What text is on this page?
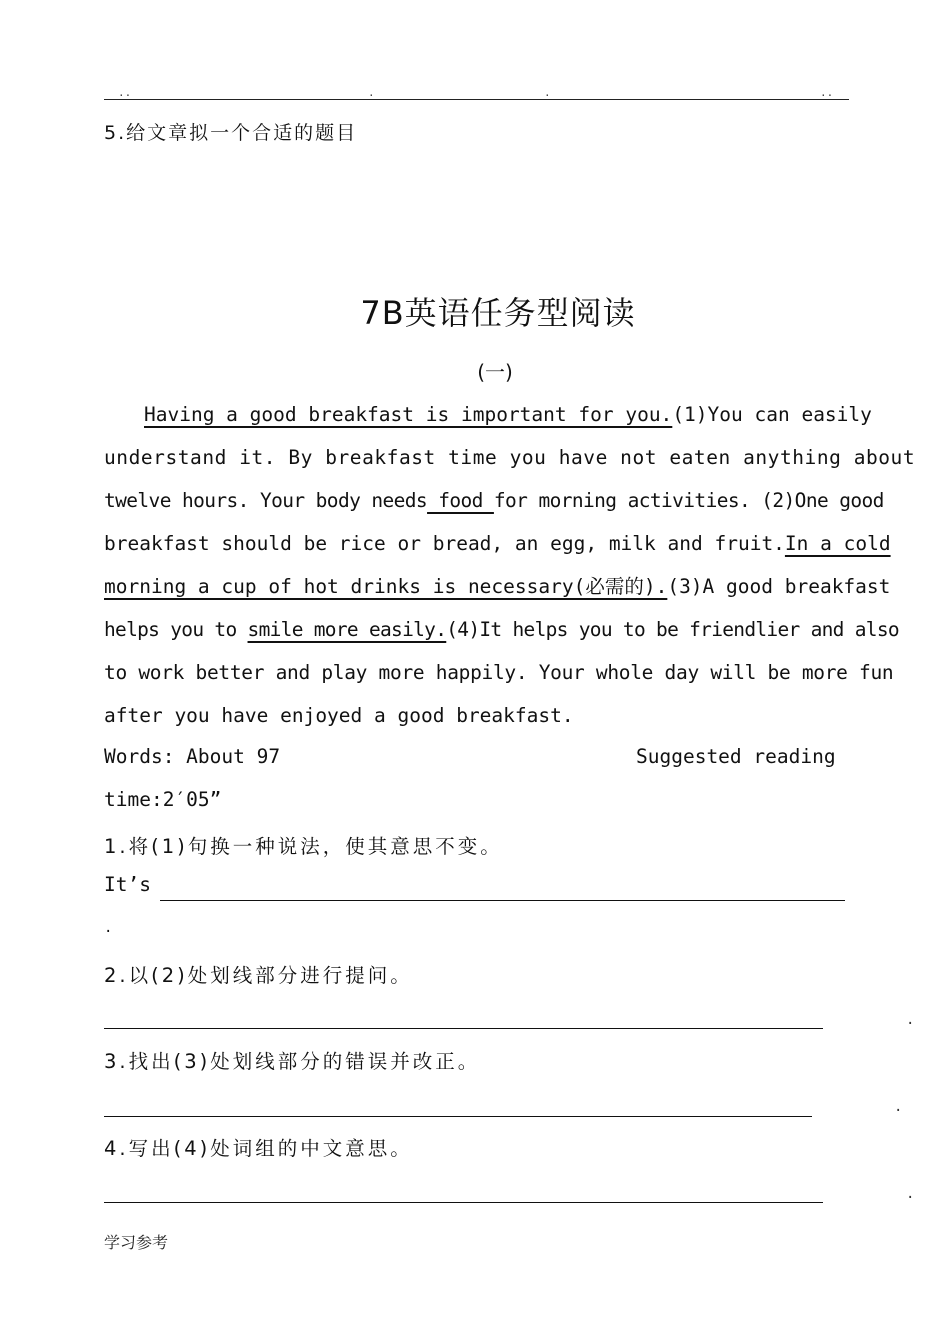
..	.	.	..
5.给文章拟一个合适的题目
7B英语任务型阅读
(一)
Having a good breakfast is important for you. (1)You can easily
understand it. By breakfast time you have not eaten anything about
twelve hours. Your body needs food for morning activities. (2)One good
breakfast should be rice or bread, an egg, milk and fruit. In a cold
morning a cup of hot drinks is necessary(必需的). (3)A good breakfast
helps you to smile more easily.(4)It helps you to be friendlier and also
to work better and play more happily. Your whole day will be more fun
after you have enjoyed a good breakfast.
Words: About 97	Suggested reading
time:2′05”
1.将(1)句换一种说法，使其意思不变。
It’s
.
2.以(2)处划线部分进行提问。
.
3.找出(3)处划线部分的错误并改正。
.
4.写出(4)处词组的中文意思。
.
学习参考
